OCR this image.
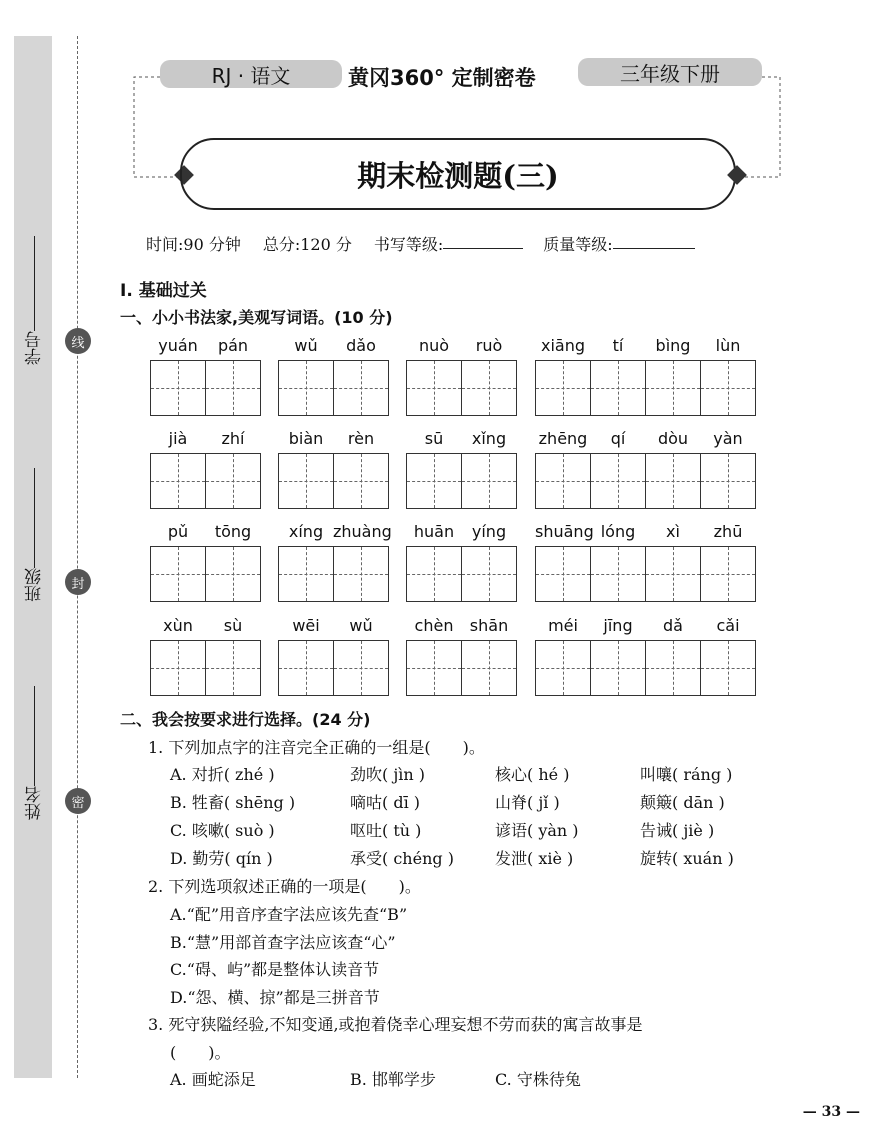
线
封
密
学号
班级
姓名
RJ · 语文	黄冈360° 定制密卷	三年级下册
期末检测题(三)
时间:90 分钟 总分:120 分 书写等级:	质量等级:
Ⅰ. 基础过关
一、小小书法家,美观写词语。(10 分)
yuán	pán	wǔ	dǎo	nuò	ruò	xiāng	tí	bìng	lùn
jià	zhí	biàn	rèn	sū	xǐng	zhēng	qí	dòu	yàn
pǔ	tōng	xíng zhuàng	huān	yíng	shuāng lóng	xì	zhū
xùn	sù	wēi	wǔ	chèn	shān	méi	jīng	dǎ	cǎi
二、我会按要求进行选择。(24 分)
1. 下列加点字的注音完全正确的一组是(　　)。
A. 对折( zhé )	劲吹( jìn )	核心( hé )	叫嚷( ráng )
B. 牲畜( shēng )	嘀咕( dī )	山脊( jǐ )	颠簸( dān )
C. 咳嗽( suò )	呕吐( tù )	谚语( yàn )	告诫( jiè )
D. 勤劳( qín )	承受( chéng )	发泄( xiè )	旋转( xuán )
2. 下列选项叙述正确的一项是(　　)。
A.“配”用音序查字法应该先查“B”
B.“慧”用部首查字法应该查“心”
C.“碍、屿”都是整体认读音节
D.“怨、横、掠”都是三拼音节
3. 死守狭隘经验,不知变通,或抱着侥幸心理妄想不劳而获的寓言故事是
(　　)。
A. 画蛇添足	B. 邯郸学步	C. 守株待兔
— 33 —
